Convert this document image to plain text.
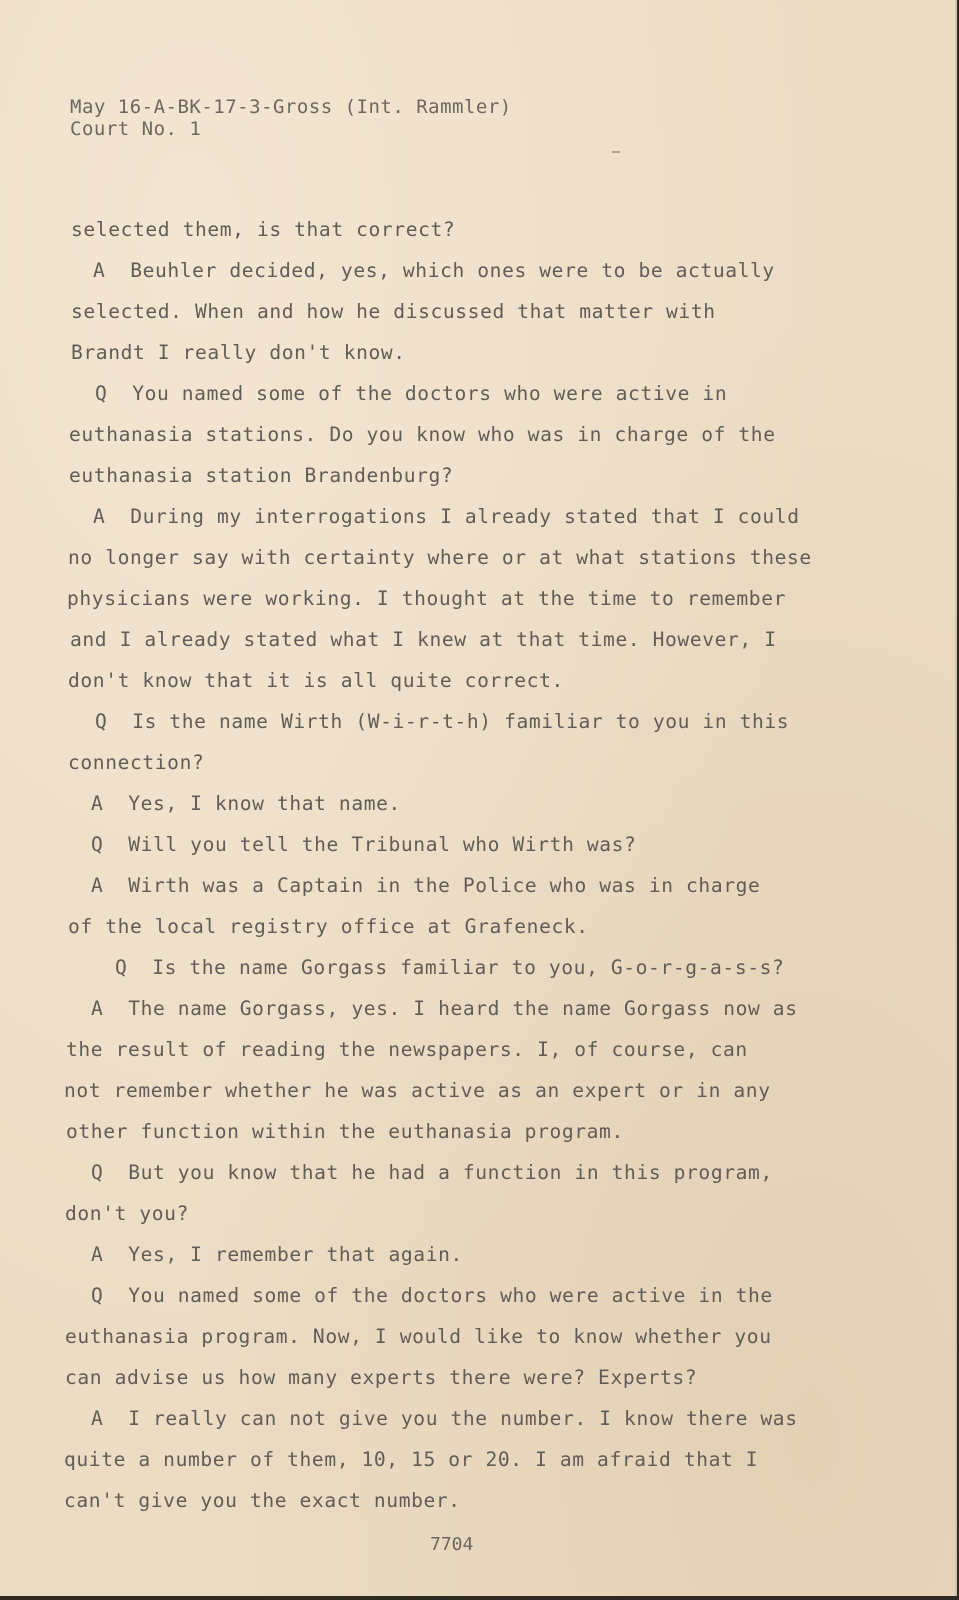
May 16-A-BK-17-3-Gross (Int. Rammler)
Court No. 1
selected them, is that correct?
A  Beuhler decided, yes, which ones were to be actually
selected. When and how he discussed that matter with
Brandt I really don't know.
Q  You named some of the doctors who were active in
euthanasia stations. Do you know who was in charge of the
euthanasia station Brandenburg?
A  During my interrogations I already stated that I could
no longer say with certainty where or at what stations these
physicians were working. I thought at the time to remember
and I already stated what I knew at that time. However, I
don't know that it is all quite correct.
Q  Is the name Wirth (W-i-r-t-h) familiar to you in this
connection?
A  Yes, I know that name.
Q  Will you tell the Tribunal who Wirth was?
A  Wirth was a Captain in the Police who was in charge
of the local registry office at Grafeneck.
Q  Is the name Gorgass familiar to you, G-o-r-g-a-s-s?
A  The name Gorgass, yes. I heard the name Gorgass now as
the result of reading the newspapers. I, of course, can
not remember whether he was active as an expert or in any
other function within the euthanasia program.
Q  But you know that he had a function in this program,
don't you?
A  Yes, I remember that again.
Q  You named some of the doctors who were active in the
euthanasia program. Now, I would like to know whether you
can advise us how many experts there were? Experts?
A  I really can not give you the number. I know there was
quite a number of them, 10, 15 or 20. I am afraid that I
can't give you the exact number.
7704
